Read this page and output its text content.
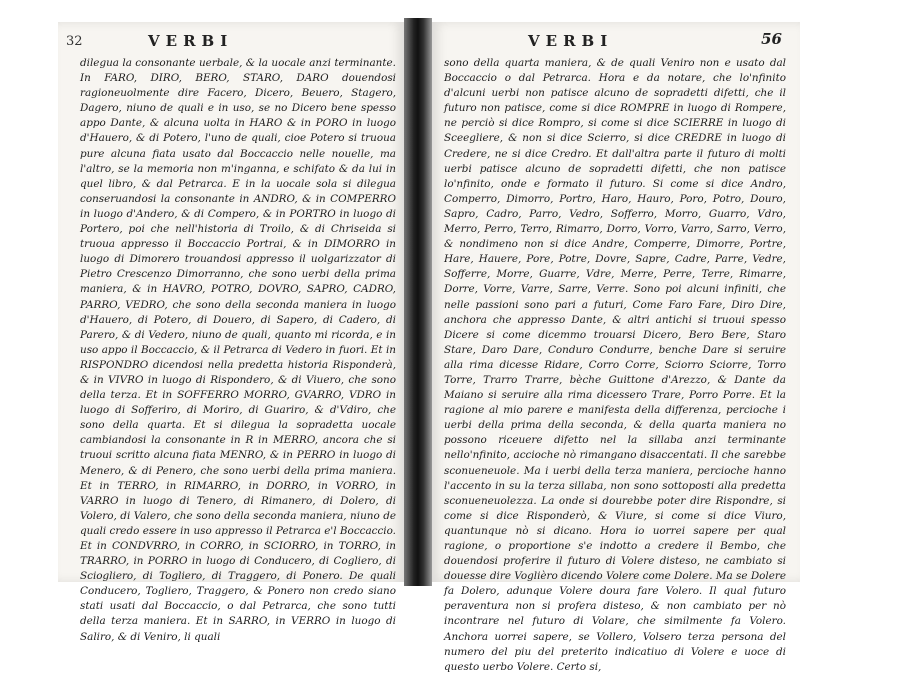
32	VERBI

dilegua la consonante uerbale, & la uocale anzi terminante. In FARO, DIRO, BERO, STARO, DARO douendosi ragioneuolmente dire Facero, Dicero, Beuero, Stagero, Dagero, niuno de quali e in uso, se no Dicero bene spesso appo Dante, & alcuna uolta in HARO & in PORO in luogo d'Hauero, & di Potero, l'uno de quali, cioe Potero si truoua pure alcuna fiata usato dal Boccaccio nelle nouelle, ma l'altro, se la memoria non m'inganna, e schifato & da lui in quel libro, & dal Petrarca. E in la uocale sola si dilegua conseruandosi la consonante in ANDRO, & in COMPERRO in luogo d'Andero, & di Compero, & in PORTRO in luogo di Portero, poi che nell'historia di Troilo, & di Chriseida si truoua appresso il Boccaccio Portrai, & in DIMORRO in luogo di Dimorero trouandosi appresso il uolgarizzator di Pietro Crescenzo Dimorranno, che sono uerbi della prima maniera, & in HAVRO, POTRO, DOVRO, SAPRO, CADRO, PARRO, VEDRO, che sono della seconda maniera in luogo d'Hauero, di Potero, di Douero, di Sapero, di Cadero, di Parero, & di Vedero, niuno de quali, quanto mi ricorda, e in uso appo il Boccaccio, & il Petrarca di Vedero in fuori. Et in RISPONDRO dicendosi nella predetta historia Risponderà, & in VIVRO in luogo di Rispondero, & di Viuero, che sono della terza. Et in SOFFERRO MORRO, GVARRO, VDRO in luogo di Sofferiro, di Moriro, di Guariro, & d'Vdiro, che sono della quarta. Et si dilegua la sopradetta uocale cambiandosi la consonante in R in MERRO, ancora che si truoui scritto alcuna fiata MENRO, & in PERRO in luogo di Menero, & di Penero, che sono uerbi della prima maniera. Et in TERRO, in RIMARRO, in DORRO, in VORRO, in VARRO in luogo di Tenero, di Rimanero, di Dolero, di Volero, di Valero, che sono della seconda maniera, niuno de quali credo essere in uso appresso il Petrarca e'l Boccaccio. Et in CONDVRRO, in CORRO, in SCIORRO, in TORRO, in TRARRO, in PORRO in luogo di Conducero, di Cogliero, di Sciogliero, di Togliero, di Traggero, di Ponero. De quali Conducero, Togliero, Traggero, & Ponero non credo siano stati usati dal Boccaccio, o dal Petrarca, che sono tutti della terza maniera. Et in SARRO, in VERRO in luogo di Saliro, & di Veniro, li quali

VERBI	56

sono della quarta maniera, & de quali Veniro non e usato dal Boccaccio o dal Petrarca. Hora e da notare, che lo'nfinito d'alcuni uerbi non patisce alcuno de sopradetti difetti, che il futuro non patisce, come si dice ROMPRE in luogo di Rompere, ne perciò si dice Rompro, si come si dice SCIERRE in luogo di Sceegliere, & non si dice Scierro, si dice CREDRE in luogo di Credere, ne si dice Credro. Et dall'altra parte il futuro di molti uerbi patisce alcuno de sopradetti difetti, che non patisce lo'nfinito, onde e formato il futuro. Si come si dice Andro, Comperro, Dimorro, Portro, Haro, Hauro, Poro, Potro, Douro, Sapro, Cadro, Parro, Vedro, Sofferro, Morro, Guarro, Vdro, Merro, Perro, Terro, Rimarro, Dorro, Vorro, Varro, Sarro, Verro, & nondimeno non si dice Andre, Comperre, Dimorre, Portre, Hare, Hauere, Pore, Potre, Dovre, Sapre, Cadre, Parre, Vedre, Sofferre, Morre, Guarre, Vdre, Merre, Perre, Terre, Rimarre, Dorre, Vorre, Varre, Sarre, Verre. Sono poi alcuni infiniti, che nelle passioni sono pari a futuri, Come Faro Fare, Diro Dire, anchora che appresso Dante, & altri antichi si truoui spesso Dicere si come dicemmo trouarsi Dicero, Bero Bere, Staro Stare, Daro Dare, Conduro Condurre, benche Dare si seruire alla rima dicesse Ridare, Corro Corre, Sciorro Sciorre, Torro Torre, Trarro Trarre, bèche Guittone d'Arezzo, & Dante da Maiano si seruire alla rima dicessero Trare, Porro Porre. Et la ragione al mio parere e manifesta della differenza, percioche i uerbi della prima della seconda, & della quarta maniera no possono riceuere difetto nel la sillaba anzi terminante nello'nfinito, accioche nò rimangano disaccentati. Il che sarebbe sconueneuole. Ma i uerbi della terza maniera, percioche hanno l'accento in su la terza sillaba, non sono sottoposti alla predetta sconueneuolezza. La onde si dourebbe poter dire Rispondre, si come si dice Risponderò, & Viure, si come si dice Viuro, quantunque nò si dicano. Hora io uorrei sapere per qual ragione, o proportione s'e indotto a credere il Bembo, che douendosi proferire il futuro di Volere disteso, ne cambiato si douesse dire Voglièro dicendo Volere come Dolere. Ma se Dolere fa Dolero, adunque Volere doura fare Volero. Il qual futuro peraventura non si profera disteso, & non cambiato per nò incontrare nel futuro di Volare, che similmente fa Volero. Anchora uorrei sapere, se Vollero, Volsero terza persona del numero del piu del preterito indicatiuo di Volere e uoce di questo uerbo Volere. Certo si,
